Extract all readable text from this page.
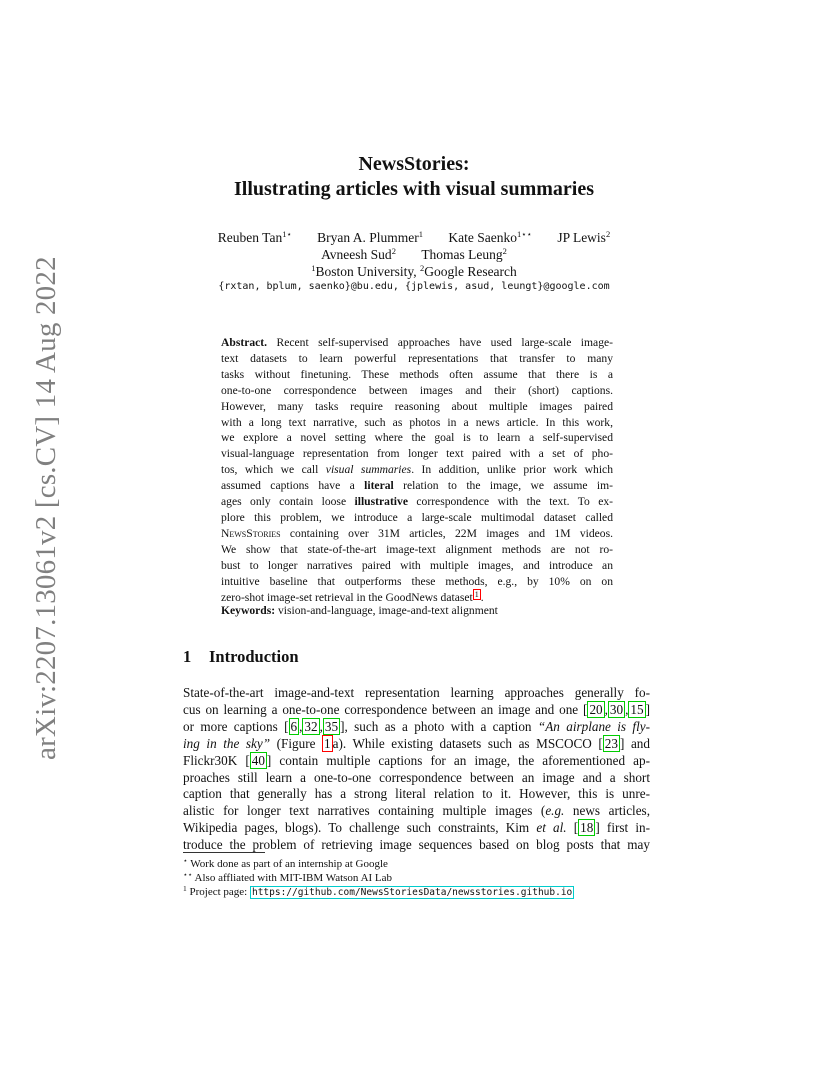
arXiv:2207.13061v2 [cs.CV] 14 Aug 2022
NewsStories:
Illustrating articles with visual summaries
Reuben Tan$^{1⋆}$ Bryan A. Plummer$^1$ Kate Saenko$^{1⋆⋆}$ JP Lewis$^2$
Avneesh Sud$^2$ Thomas Leung$^2$
$^1$Boston University, $^2$Google Research
{rxtan, bplum, saenko}@bu.edu, {jplewis, asud, leungt}@google.com
Abstract. Recent self-supervised approaches have used large-scale image-
text datasets to learn powerful representations that transfer to many
tasks without finetuning. These methods often assume that there is a
one-to-one correspondence between images and their (short) captions.
However, many tasks require reasoning about multiple images paired
with a long text narrative, such as photos in a news article. In this work,
we explore a novel setting where the goal is to learn a self-supervised
visual-language representation from longer text paired with a set of pho-
tos, which we call visual summaries. In addition, unlike prior work which
assumed captions have a literal relation to the image, we assume im-
ages only contain loose illustrative correspondence with the text. To ex-
plore this problem, we introduce a large-scale multimodal dataset called
NewsStories containing over 31M articles, 22M images and 1M videos.
We show that state-of-the-art image-text alignment methods are not ro-
bust to longer narratives paired with multiple images, and introduce an
intuitive baseline that outperforms these methods, e.g., by 10% on on
zero-shot image-set retrieval in the GoodNews dataset $^1$ .
Keywords: vision-and-language, image-and-text alignment
1 Introduction
State-of-the-art image-and-text representation learning approaches generally fo-
cus on learning a one-to-one correspondence between an image and one [ 20 , 30 , 15 ]
or more captions [ 6 , 32 , 35 ], such as a photo with a caption “An airplane is fly-
ing in the sky” (Figure 1 a). While existing datasets such as MSCOCO [ 23 ] and
Flickr30K [ 40 ] contain multiple captions for an image, the aforementioned ap-
proaches still learn a one-to-one correspondence between an image and a short
caption that generally has a strong literal relation to it. However, this is unre-
alistic for longer text narratives containing multiple images (e.g. news articles,
Wikipedia pages, blogs). To challenge such constraints, Kim et al. [ 18 ] first in-
troduce the problem of retrieving image sequences based on blog posts that may
⋆ Work done as part of an internship at Google
⋆⋆ Also affliated with MIT-IBM Watson AI Lab
$^1$ Project page: https://github.com/NewsStoriesData/newsstories.github.io
